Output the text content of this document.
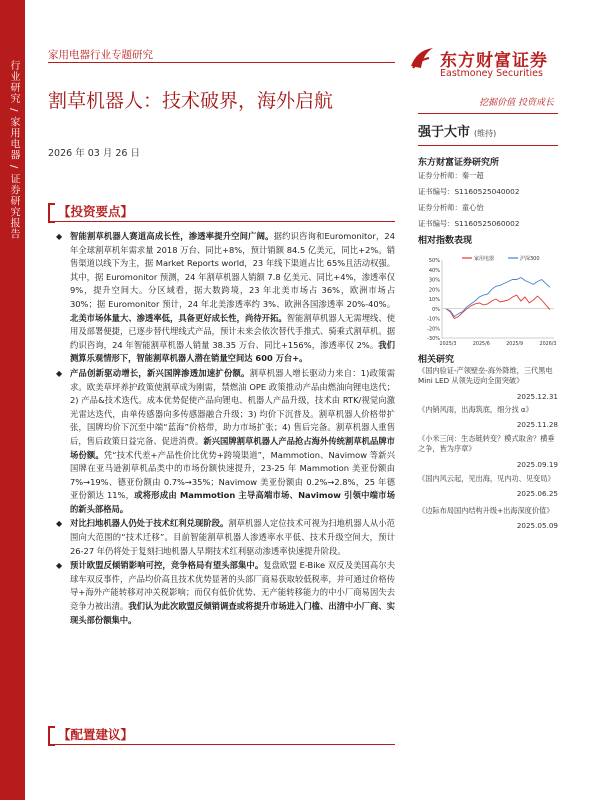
行业研究 / 家用电器 / 证券研究报告
家用电器行业专题研究
割草机器人：技术破界，海外启航
2026 年 03 月 26 日
【投资要点】
◆ 智能割草机器人赛道高成长性，渗透率提升空间广阔。据约识咨询和Euromonitor，24 年全球割草机年需求量 2018 万台、同比+8%，预计销额 84.5 亿美元，同比+2%。销售渠道以线下为主，据 Market Reports world，23 年线下渠道占比 65%且活动权强。其中，据 Euromonitor 预测，24 年割草机器人销额 7.8 亿美元、同比+4%，渗透率仅 9%，提升空间大。分区域看，据大数跨境，23 年北美市场占 36%，欧洲市场占 30%；据 Euromonitor 预计，24 年北美渗透率约 3%、欧洲各国渗透率 20%-40%。北美市场体量大、渗透率低，具备更好成长性，尚待开拓。智能割草机器人无需埋线、使用及部署便捷，已逐步替代埋线式产品，预计未来会依次替代手推式、骑乘式割草机。据约识咨询，24 年智能割草机器人销量 38.35 万台、同比+156%，渗透率仅 2%。我们测算乐观情形下，智能割草机器人潜在销量空间达 600 万台+。
◆ 产品创新驱动增长，新兴国牌渗透加速扩份额。割草机器人增长驱动力来自：1)政策需求。欧美草坪养护政策使割草成为刚需，禁燃油 OPE 政策推动产品由燃油向锂电迭代；2) 产品&技术迭代。成本优势促使产品向锂电、机器人产品升级，技术由 RTK/视觉向激光雷达迭代，由单传感器向多传感器融合升级；3) 均价下沉普及。割草机器人价格带扩张，国牌均价下沉至中端“蓝海”价格带，助力市场扩张；4) 售后完备。割草机器人重售后，售后政策日益完备、促进消费。新兴国牌割草机器人产品抢占海外传统割草机品牌市场份额。凭“技术代差+产品性价比优势+跨境渠道”，Mammotion、Navimow 等新兴国牌在亚马逊割草机品类中的市场份额快速提升，23-25 年 Mammotion 美亚份额由 7%→19%、德亚份额由 0.7%→35%；Navimow 美亚份额由 0.2%→2.8%，25 年德亚份额达 11%，或将形成由 Mammotion 主导高端市场、Navimow 引领中端市场的新头部格局。
◆ 对比扫地机器人仍处于技术红利兑现阶段。割草机器人定位技术可视为扫地机器人从小范围向大范围的“技术迁移”。目前智能割草机器人渗透率水平低、技术升级空间大，预计 26-27 年仍将处于复刻扫地机器人早期技术红利驱动渗透率快速提升阶段。
◆ 预计欧盟反倾销影响可控，竞争格局有望头部集中。复盘欧盟 E-Bike 双反及美国高尔夫球车双反事件，产品均价高且技术优势显著的头部厂商易获取较低税率，并可通过价格传导+海外产能转移对冲关税影响；而仅有低价优势、无产能转移能力的中小厂商易因失去竞争力被出清。我们认为此次欧盟反倾销调查或将提升市场进入门槛、出清中小厂商、实现头部份额集中。
【配置建议】
东方财富证券
Eastmoney Securities
挖掘价值 投资成长
强于大市 (维持)
东方财富证券研究所
证券分析师：秦一超
证书编号：S1160525040002
证券分析师：童心怡
证书编号：S1160525060002
相对指数表现
-30%
-20%
-10%
0%
10%
20%
30%
40%
50%
2025/3	2025/6	2025/9	2026/3
家用电器	沪深300
相关研究
《国内验证-产领壁垒-海外降维，三代黑电 Mini LED 从领先迈向全面突破》
2025.12.31
《内销风雨，出海筑底，细分找 α》
2025.11.28
《小米三问：生态链转变？模式取舍？横垂之争，皆为序章》
2025.09.19
《国内风云起，见出海，见内功、见变局》
2025.06.25
《边际布局国内结构升级+出海深度价值》
2025.05.09
